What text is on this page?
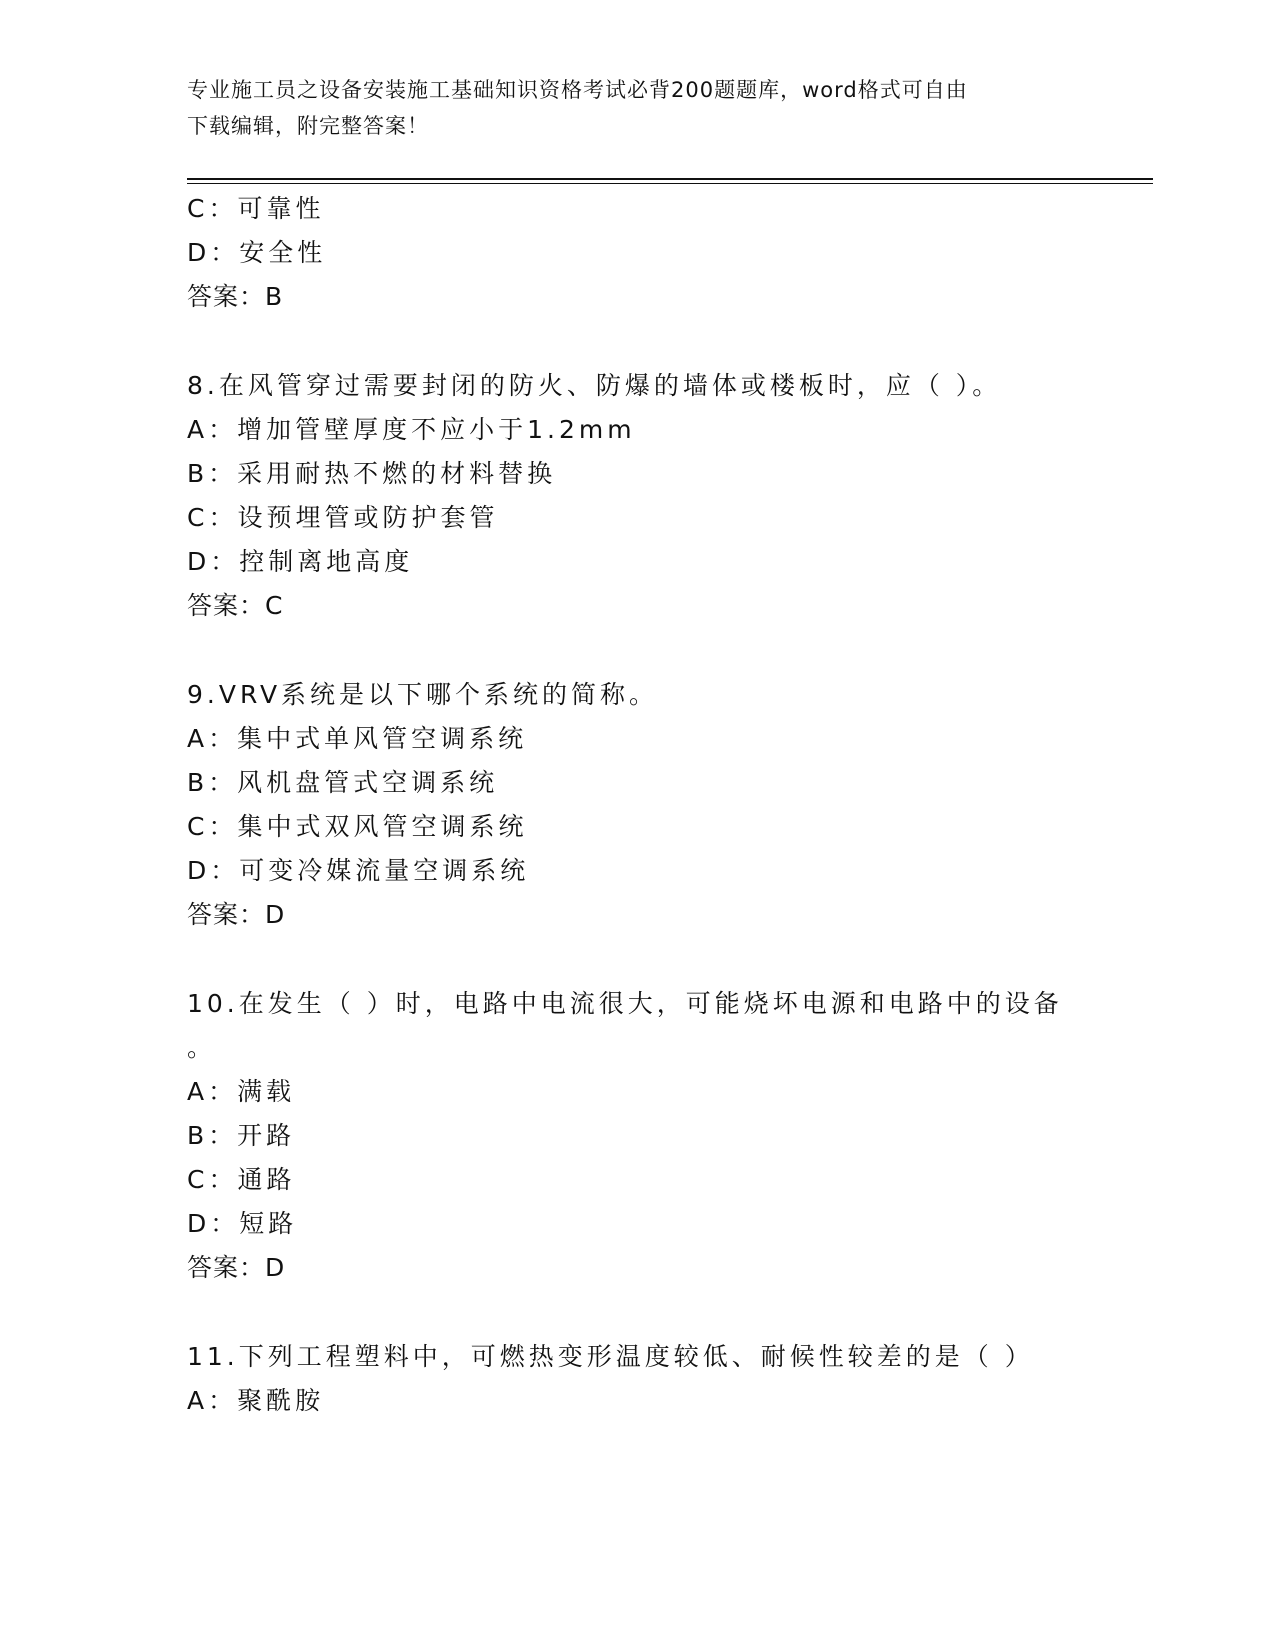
专业施工员之设备安装施工基础知识资格考试必背200题题库，word格式可自由
下载编辑，附完整答案！
C：可靠性
D：安全性
答案：B
8.在风管穿过需要封闭的防火、防爆的墙体或楼板时，应（ ）。
A：增加管壁厚度不应小于1.2mm
B：采用耐热不燃的材料替换
C：设预埋管或防护套管
D：控制离地高度
答案：C
9.VRV系统是以下哪个系统的简称。
A：集中式单风管空调系统
B：风机盘管式空调系统
C：集中式双风管空调系统
D：可变冷媒流量空调系统
答案：D
10.在发生（ ）时，电路中电流很大，可能烧坏电源和电路中的设备
。
A：满载
B：开路
C：通路
D：短路
答案：D
11.下列工程塑料中，可燃热变形温度较低、耐候性较差的是（ ）
A：聚酰胺
